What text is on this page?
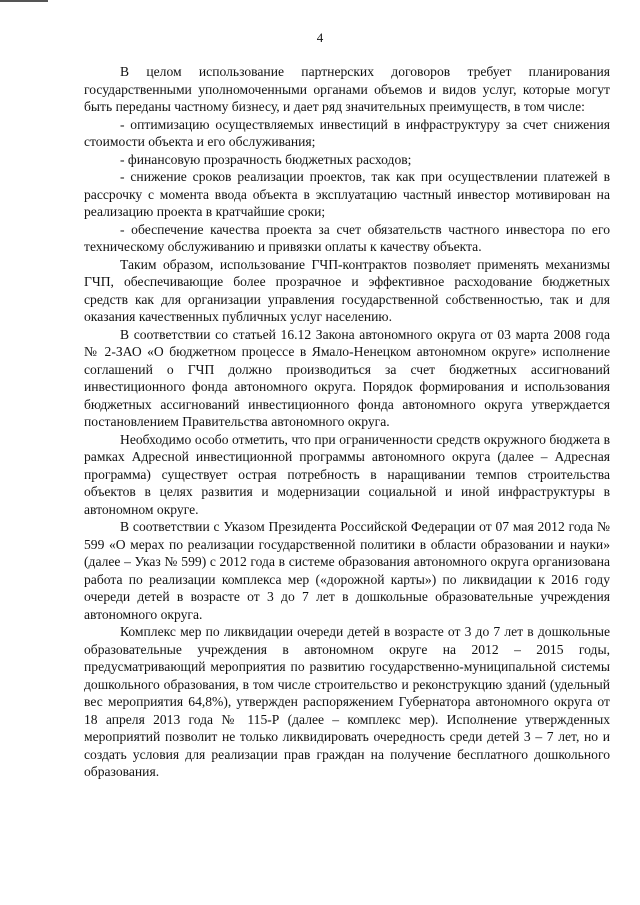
4

В целом использование партнерских договоров требует планирования государственными уполномоченными органами объемов и видов услуг, которые могут быть переданы частному бизнесу, и дает ряд значительных преимуществ, в том числе:

- оптимизацию осуществляемых инвестиций в инфраструктуру за счет снижения стоимости объекта и его обслуживания;

- финансовую прозрачность бюджетных расходов;

- снижение сроков реализации проектов, так как при осуществлении платежей в рассрочку с момента ввода объекта в эксплуатацию частный инвестор мотивирован на реализацию проекта в кратчайшие сроки;

- обеспечение качества проекта за счет обязательств частного инвестора по его техническому обслуживанию и привязки оплаты к качеству объекта.

Таким образом, использование ГЧП-контрактов позволяет применять механизмы ГЧП, обеспечивающие более прозрачное и эффективное расходование бюджетных средств как для организации управления государственной собственностью, так и для оказания качественных публичных услуг населению.

В соответствии со статьей 16.12 Закона автономного округа от 03 марта 2008 года № 2-ЗАО «О бюджетном процессе в Ямало-Ненецком автономном округе» исполнение соглашений о ГЧП должно производиться за счет бюджетных ассигнований инвестиционного фонда автономного округа. Порядок формирования и использования бюджетных ассигнований инвестиционного фонда автономного округа утверждается постановлением Правительства автономного округа.

Необходимо особо отметить, что при ограниченности средств окружного бюджета в рамках Адресной инвестиционной программы автономного округа (далее – Адресная программа) существует острая потребность в наращивании темпов строительства объектов в целях развития и модернизации социальной и иной инфраструктуры в автономном округе.

В соответствии с Указом Президента Российской Федерации от 07 мая 2012 года № 599 «О мерах по реализации государственной политики в области образовании и науки» (далее – Указ № 599) с 2012 года в системе образования автономного округа организована работа по реализации комплекса мер («дорожной карты») по ликвидации к 2016 году очереди детей в возрасте от 3 до 7 лет в дошкольные образовательные учреждения автономного округа.

Комплекс мер по ликвидации очереди детей в возрасте от 3 до 7 лет в дошкольные образовательные учреждения в автономном округе на 2012 – 2015 годы, предусматривающий мероприятия по развитию государственно-муниципальной системы дошкольного образования, в том числе строительство и реконструкцию зданий (удельный вес мероприятия 64,8%), утвержден распоряжением Губернатора автономного округа от 18 апреля 2013 года № 115-Р (далее – комплекс мер). Исполнение утвержденных мероприятий позволит не только ликвидировать очередность среди детей 3 – 7 лет, но и создать условия для реализации прав граждан на получение бесплатного дошкольного образования.
